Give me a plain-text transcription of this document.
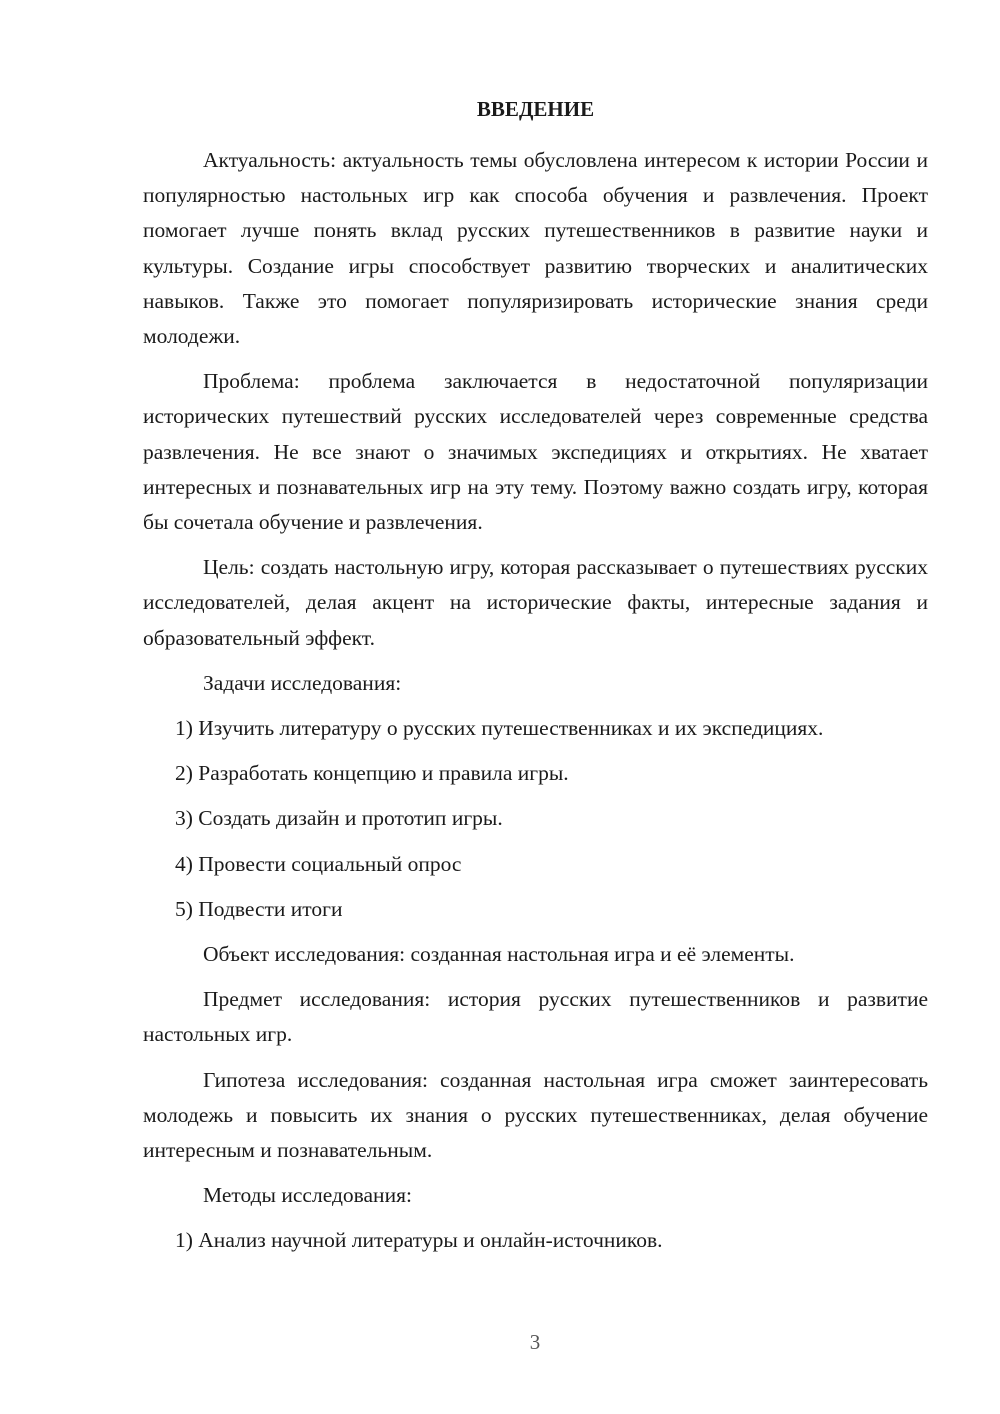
ВВЕДЕНИЕ

Актуальность: актуальность темы обусловлена интересом к истории России и популярностью настольных игр как способа обучения и развлечения. Проект помогает лучше понять вклад русских путешественников в развитие науки и культуры. Создание игры способствует развитию творческих и аналитических навыков. Также это помогает популяризировать исторические знания среди молодежи.

Проблема: проблема заключается в недостаточной популяризации исторических путешествий русских исследователей через современные средства развлечения. Не все знают о значимых экспедициях и открытиях. Не хватает интересных и познавательных игр на эту тему. Поэтому важно создать игру, которая бы сочетала обучение и развлечения.

Цель: создать настольную игру, которая рассказывает о путешествиях русских исследователей, делая акцент на исторические факты, интересные задания и образовательный эффект.

Задачи исследования:

1) Изучить литературу о русских путешественниках и их экспедициях.

2) Разработать концепцию и правила игры.

3) Создать дизайн и прототип игры.

4) Провести социальный опрос

5) Подвести итоги

Объект исследования: созданная настольная игра и её элементы.

Предмет исследования: история русских путешественников и развитие настольных игр.

Гипотеза исследования: созданная настольная игра сможет заинтересовать молодежь и повысить их знания о русских путешественниках, делая обучение интересным и познавательным.

Методы исследования:

1) Анализ научной литературы и онлайн-источников.

3
